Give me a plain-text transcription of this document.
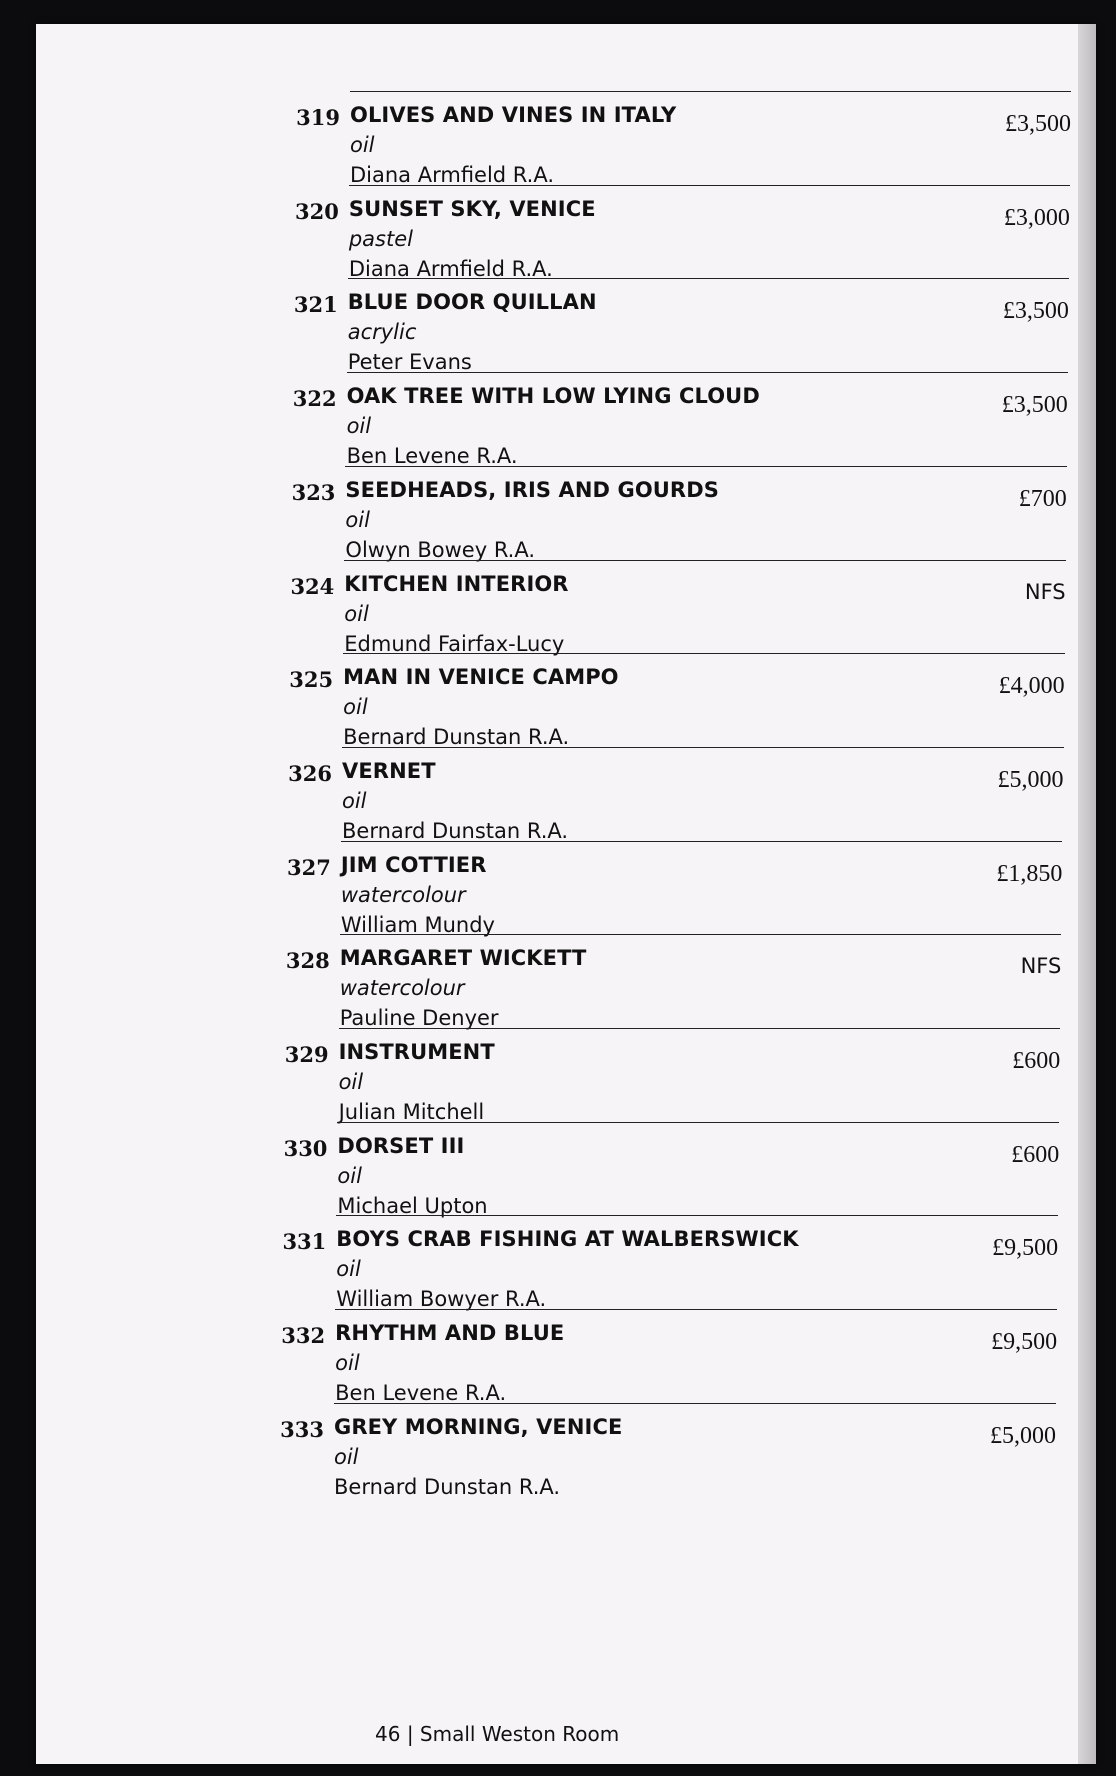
319 OLIVES AND VINES IN ITALY
oil
Diana Armfield R.A.
£3,500
320 SUNSET SKY, VENICE
pastel
Diana Armfield R.A.
£3,000
321 BLUE DOOR QUILLAN
acrylic
Peter Evans
£3,500
322 OAK TREE WITH LOW LYING CLOUD
oil
Ben Levene R.A.
£3,500
323 SEEDHEADS, IRIS AND GOURDS
oil
Olwyn Bowey R.A.
£700
324 KITCHEN INTERIOR
oil
Edmund Fairfax-Lucy
NFS
325 MAN IN VENICE CAMPO
oil
Bernard Dunstan R.A.
£4,000
326 VERNET
oil
Bernard Dunstan R.A.
£5,000
327 JIM COTTIER
watercolour
William Mundy
£1,850
328 MARGARET WICKETT
watercolour
Pauline Denyer
NFS
329 INSTRUMENT
oil
Julian Mitchell
£600
330 DORSET III
oil
Michael Upton
£600
331 BOYS CRAB FISHING AT WALBERSWICK
oil
William Bowyer R.A.
£9,500
332 RHYTHM AND BLUE
oil
Ben Levene R.A.
£9,500
333 GREY MORNING, VENICE
oil
Bernard Dunstan R.A.
£5,000
46 | Small Weston Room
